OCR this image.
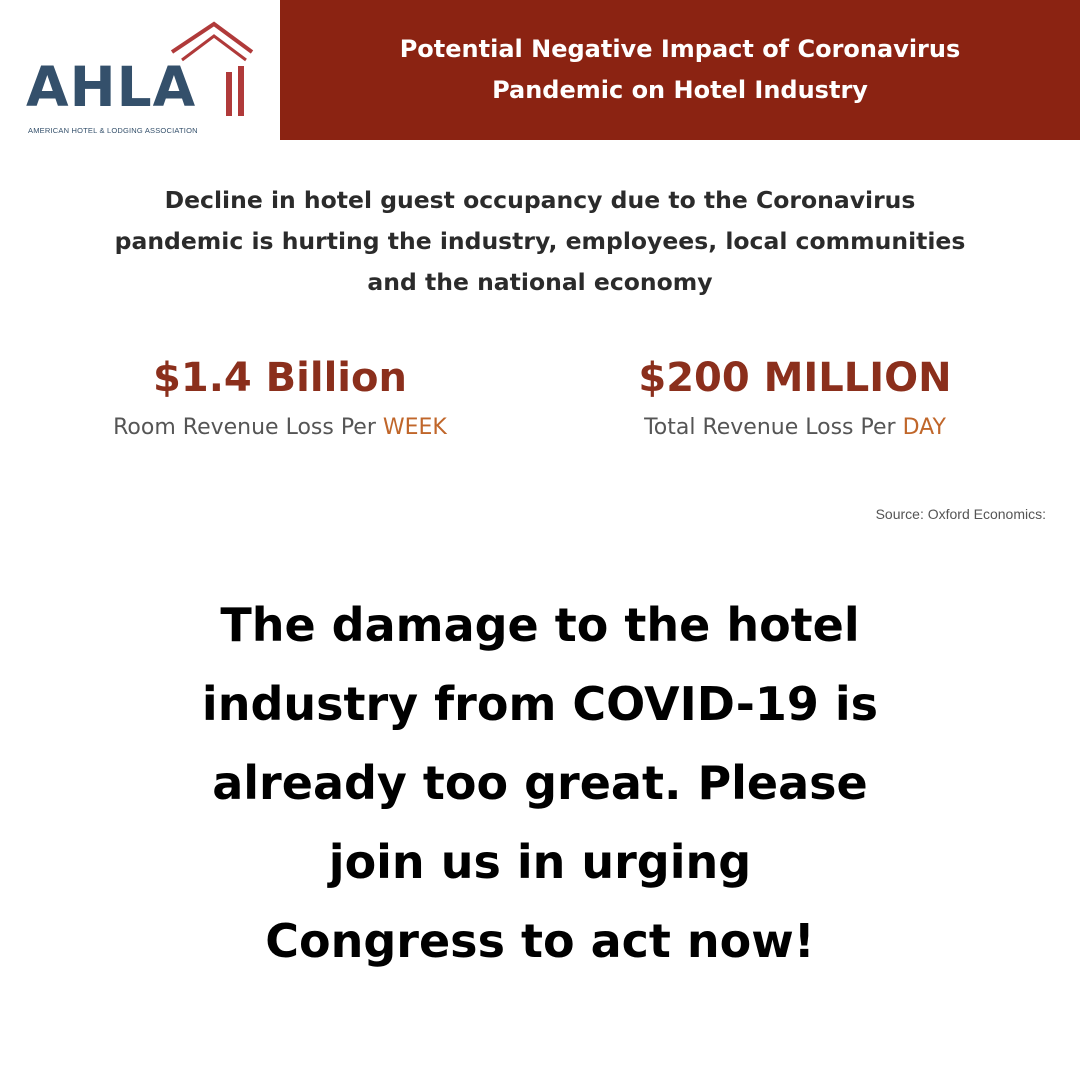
AHLA
AMERICAN HOTEL & LODGING ASSOCIATION
Potential Negative Impact of Coronavirus
Pandemic on Hotel Industry
Decline in hotel guest occupancy due to the Coronavirus
pandemic is hurting the industry, employees, local communities
and the national economy
$1.4 Billion
Room Revenue Loss Per WEEK
$200 MILLION
Total Revenue Loss Per DAY
Source: Oxford Economics:
The damage to the hotel
industry from COVID-19 is
already too great. Please
join us in urging
Congress to act now!
